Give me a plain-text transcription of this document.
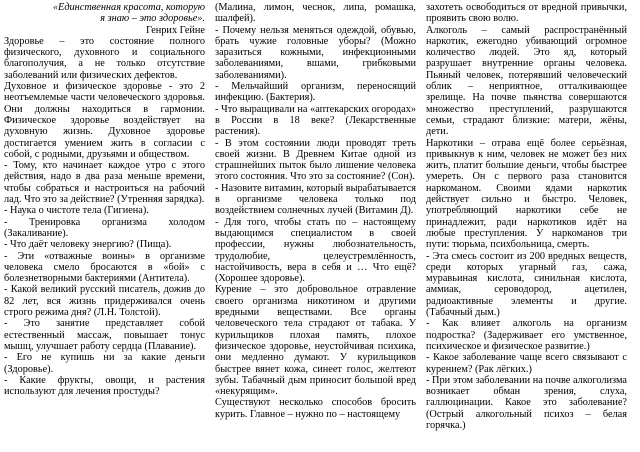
«Единственная красота, которую

я знаю – это здоровье».

Генрих Гейне

Здоровье – это состояние полного физического, духовного и социального благополучия, а не только отсутствие заболеваний или физических дефектов.

Духовное и физическое здоровье - это 2 неотъемлемые части человеческого здоровья. Они должны находиться в гармонии. Физическое здоровье воздействует на духовную жизнь. Духовное здоровье достигается умением жить в согласии с собой, с родными, друзьями и обществом.

- Тому, кто начинает каждое утро с этого действия, надо в два раза меньше времени, чтобы собраться и настроиться на рабочий лад. Что это за действие? (Утренняя зарядка).

- Наука о чистоте тела (Гигиена).

- Тренировка организма холодом (Закаливание).

- Что даёт человеку энергию? (Пища).

- Эти «отважные воины» в организме человека смело бросаются в «бой» с болезнетворными бактериями (Антитела).

- Какой великий русский писатель, дожив до 82 лет, вся жизнь придерживался очень строго режима дня? (Л.Н. Толстой).

- Это занятие представляет собой естественный массаж, повышает тонус мышц, улучшает работу сердца (Плавание).

- Его не купишь ни за какие деньги (Здоровье).

- Какие фрукты, овощи, и растения используют для лечения простуды?

(Малина, лимон, чеснок, липа, ромашка, шалфей).

- Почему нельзя меняться одеждой, обувью, брать чужие головные уборы? (Можно заразиться кожными, инфекционными заболеваниями, вшами, грибковыми заболеваниями).

- Мельчайший организм, переносящий инфекцию. (Бактерия).

- Что выращивали на «аптекарских огородах» в России в 18 веке? (Лекарственные растения).

- В этом состоянии люди проводят треть своей жизни. В Древнем Китае одной из страшнейших пыток было лишение человека этого состояния. Что это за состояние? (Сон).

- Назовите витамин, который вырабатывается в организме человека только под воздействием солнечных лучей (Витамин Д).

- Для того, чтобы стать по – настоящему выдающимся специалистом в своей профессии, нужны любознательность, трудолюбие, целеустремлённость, настойчивость, вера в себя и … Что ещё? (Хорошее здоровье).

Курение – это добровольное отравление своего организма никотином и другими вредными веществами. Все органы человеческого тела страдают от табака. У курильщиков плохая память, плохое физическое здоровье, неустойчивая психика, они медленно думают. У курильщиков быстрее вянет кожа, синеет голос, желтеют зубы. Табачный дым приносит большой вред «некурящим».

Существуют несколько способов бросить курить. Главное – нужно по – настоящему

захотеть освободиться от вредной привычки, проявить свою волю.

Алкоголь – самый распространённый наркотик, ежегодно убивающий огромное количество людей. Это яд, который разрушает внутренние органы человека. Пьяный человек, потерявший человеческий облик – неприятное, отталкивающее зрелище. На почве пьянства совершаются множество преступлений, разрушаются семьи, страдают близкие: матери, жёны, дети.

Наркотики – отрава ещё более серьёзная, привыкнув к ним, человек не может без них жить, платит большие деньги, чтобы быстрее умереть. Он с первого раза становится наркоманом. Своими ядами наркотик действует сильно и быстро. Человек, употребляющий наркотики себе не принадлежит, ради наркотиков идёт на любые преступления. У наркоманов три пути: тюрьма, психбольница, смерть.

- Эта смесь состоит из 200 вредных веществ, среди которых угарный газ, сажа, муравьиная кислота, синильная кислота, аммиак, сероводород, ацетилен, радиоактивные элементы и другие. (Табачный дым.)

- Как влияет алкоголь на организм подростка? (Задерживает его умственное, психическое и физическое развитие.)

- Какое заболевание чаще всего связывают с курением? (Рак лёгких.)

- При этом заболевании на почве алкоголизма возникает обман зрения, слуха, галлюцинации. Какое это заболевание? (Острый алкогольный психоз – белая горячка.)
